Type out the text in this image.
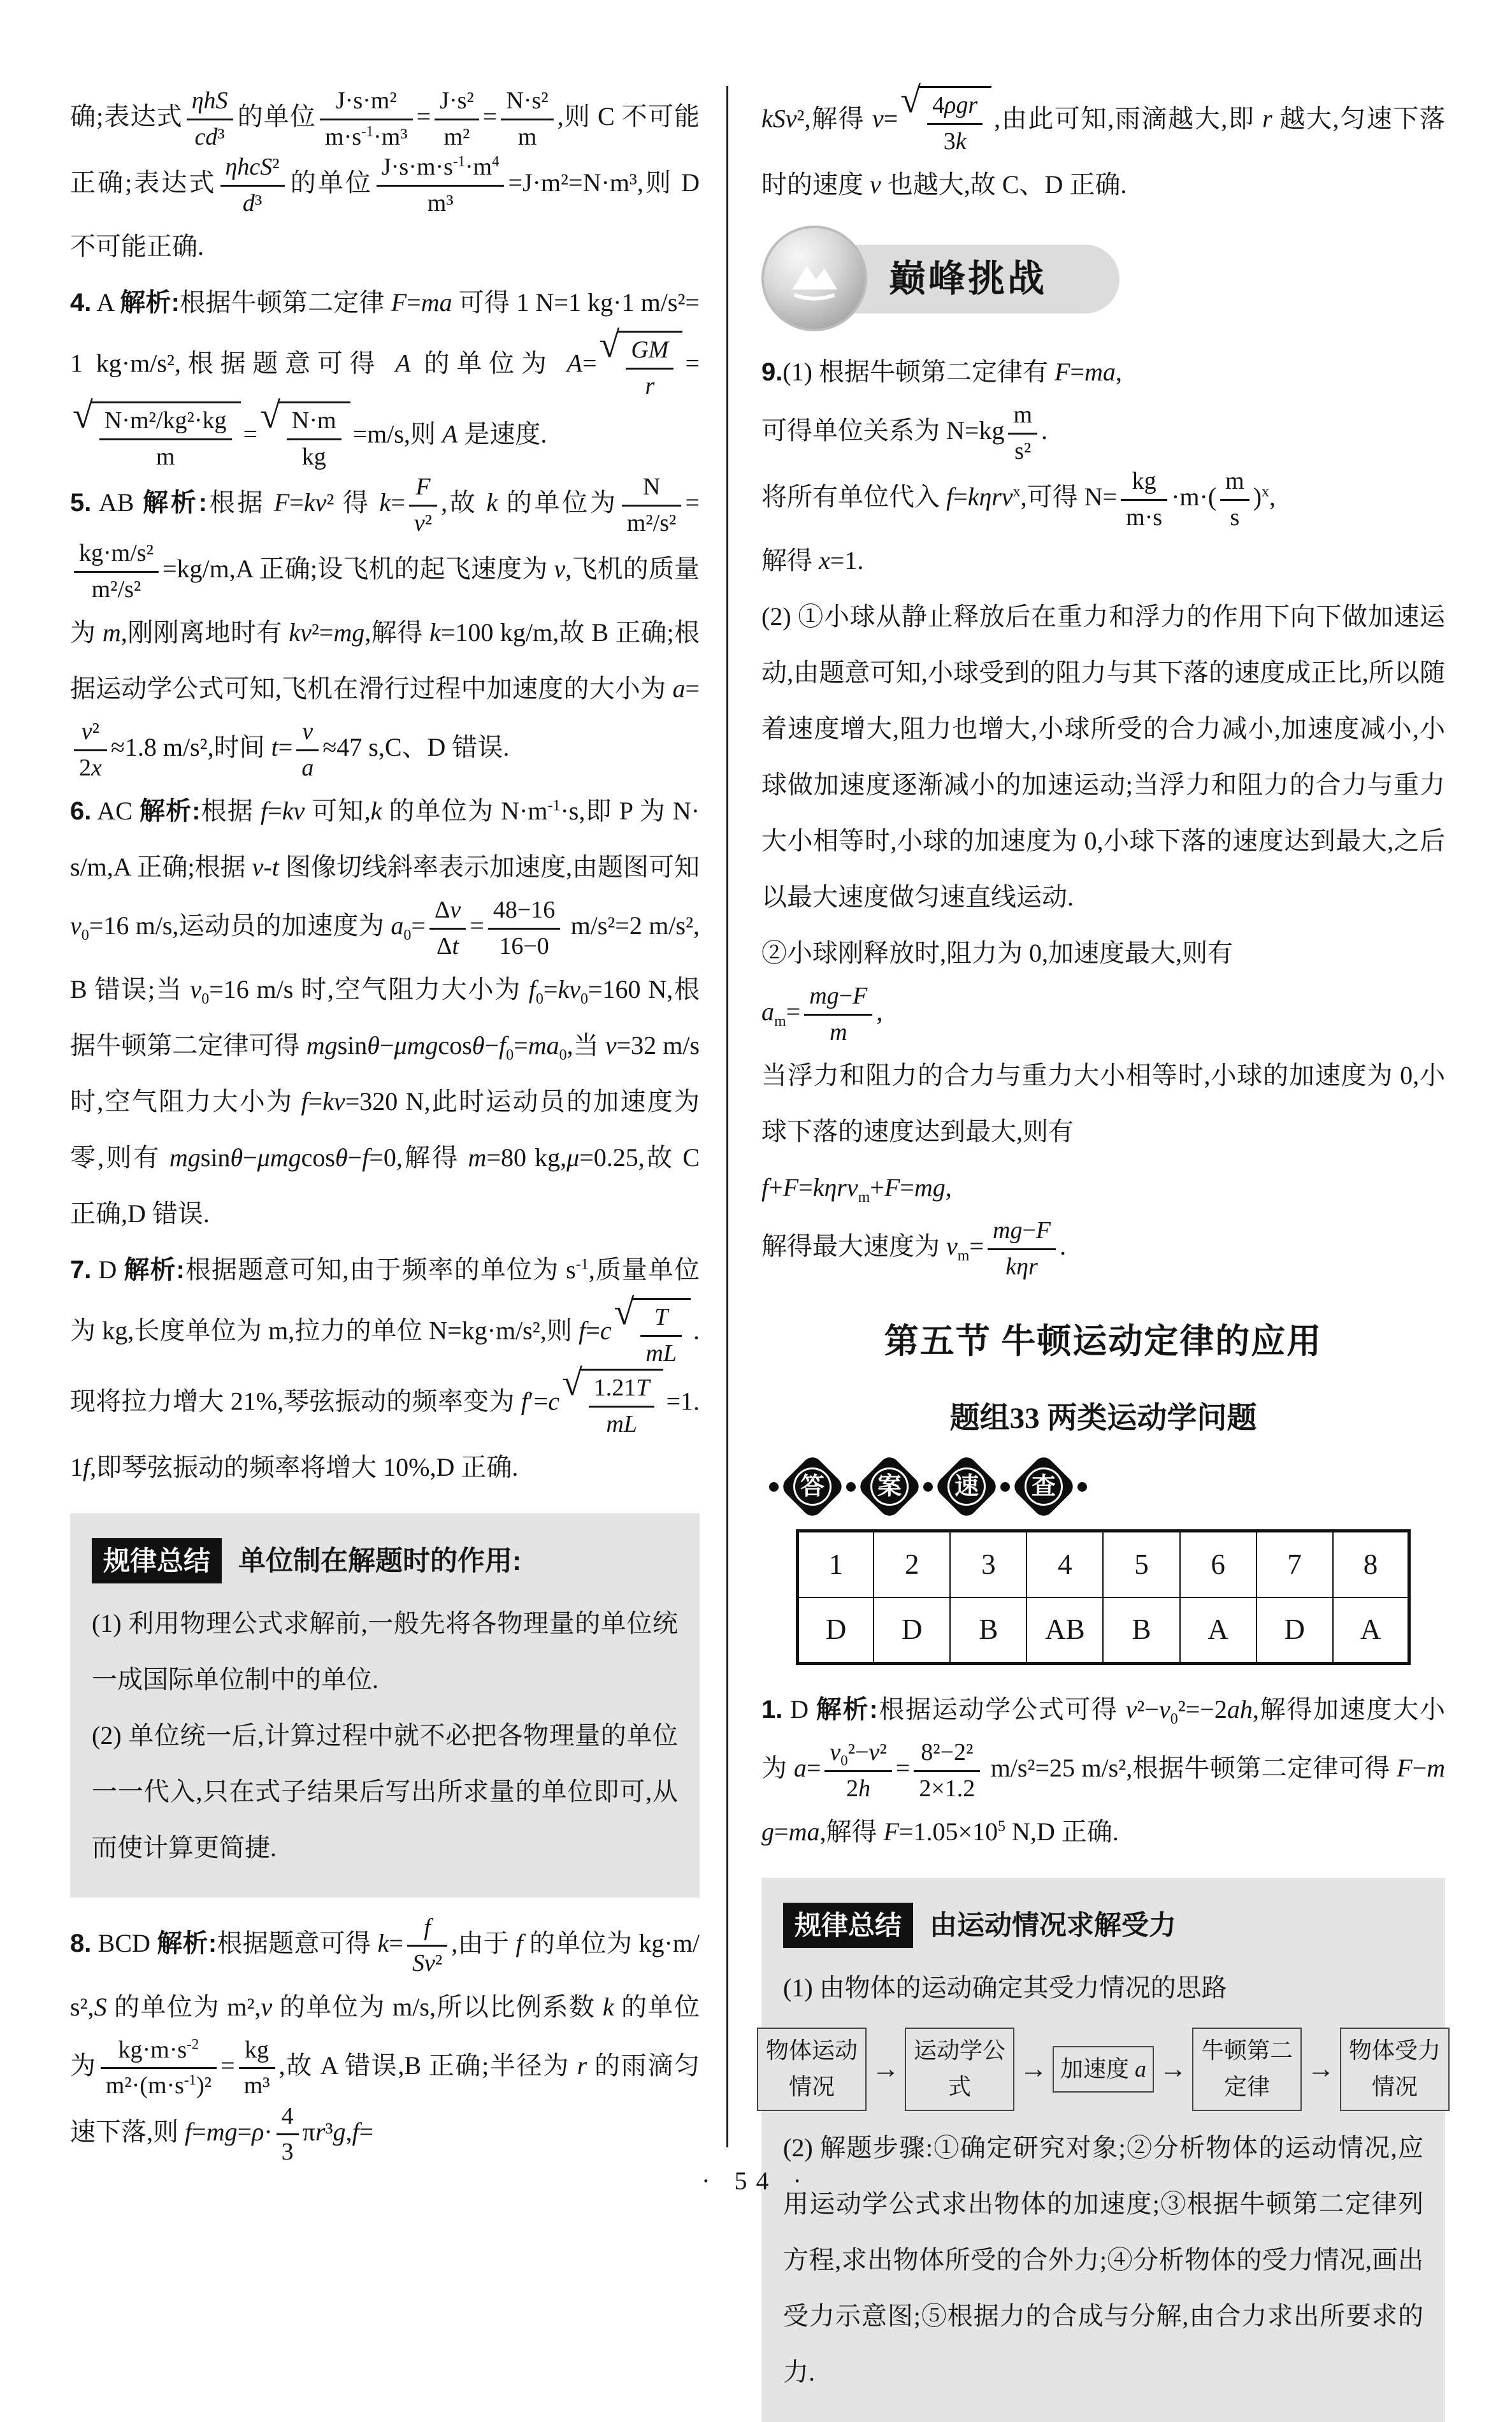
确;表达式 $\frac{\text{ηhS}}{\text{cd³}}$ 的单位 $\frac{\text{J·s·m²}}{m\cdot s^{-1}\cdot m^3} = \frac{\text{J·s²}}{\text{m²}} = \frac{\text{N·s²}}{m}$ ,则 C 不可能正确;表达式 $\frac{\text{ηhcS²}}{\text{d³}}$ 的单位 $\frac{J\cdot s\cdot m\cdot s^{-1}\cdot m^4}{\text{m³}} =J\cdot m^2=N\cdot m^3$,则 D 不可能正确.
4. A 解析:根据牛顿第二定律 F=ma 可得 1 N=1 kg·1 m/s²=1 kg·m/s²,根据题意可得 A 的单位为 A= √ $\frac{GM}{r}$ =
√ $\frac{\text{N·m²/kg²·kg}}{m}$ = √ $\frac{N\cdot m}{kg} =m/s$,则 A 是速度.
5. AB 解析:根据 F=kv² 得 $k= \frac{F}{\text{v²}}$ ,故 k 的单位为 $\frac{N}{\text{m²/s²}}$ =
$\frac{\text{kg·m/s²}}{\text{m²/s²}} =kg/m,A$ 正确;设飞机的起飞速度为 v,飞机的质量为 m,刚刚离地时有 kv²=mg,解得 k=100 kg/m,故 B 正确;根据运动学公式可知,飞机在滑行过程中加速度的大小为 a=
$\frac{\text{v²}}{2x} \approx 1.8$ m/s²,时间 $t= \frac{v}{a} \approx 47$ s,C、D 错误.
6. AC 解析:根据 f=kv 可知,k 的单位为 $N\cdot m^{-1}\cdot s$,即 P 为 N·s/m,A 正确;根据 v-t 图像切线斜率表示加速度,由题图可知 $v_0=16$ m/s,运动员的加速度为 $a_0= \frac{\Delta v}{\Delta t} = \frac{48-16}{16-0} m/s^2=2$ m/s²,B 错误;当 $v_0=16$ m/s 时,空气阻力大小为 $f_0=kv_0=160$ N,根据牛顿第二定律可得 $mgsin\theta-\mu mgcos\theta-f_0=ma_0$,当 v=32 m/s 时,空气阻力大小为 f=kv=320 N,此时运动员的加速度为零,则有 mgsinθ−μmgcosθ−f=0,解得 m=80 kg,μ=0.25,故 C 正确,D 错误.
7. D 解析:根据题意可知,由于频率的单位为 $s^{-1}$,质量单位为 kg,长度单位为 m,拉力的单位 N=kg·m/s²,则 f=c √ $\frac{T}{mL}$ . 现将拉力增大 21%,琴弦振动的频率变为 f′=c √ $\frac{1.21T}{mL} =1.1f$,即琴弦振动的频率将增大 10%,D 正确.
规律总结 单位制在解题时的作用:
(1) 利用物理公式求解前,一般先将各物理量的单位统一成国际单位制中的单位.
(2) 单位统一后,计算过程中就不必把各物理量的单位一一代入,只在式子结果后写出所求量的单位即可,从而使计算更简捷.
8. BCD 解析:根据题意可得 $k= \frac{f}{\text{Sv²}}$ ,由于 f 的单位为 kg·m/s²,S 的单位为 m²,v 的单位为 m/s,所以比例系数 k 的单位为 $\frac{kg\cdot m\cdot s^{-2}}{m^2\cdot(m\cdot s^{-1})^2} = \frac{kg}{\text{m³}}$ ,故 A 错误,B 正确;半径为 r 的雨滴匀速下落,则 $f=mg=\rho\cdot \frac{4}{3} \pi r^3g,f=$
kSv²,解得 v= √ $\frac{\text{4ρgr}}{3k}$ ,由此可知,雨滴越大,即 r 越大,匀速下落时的速度 v 也越大,故 C、D 正确.
巅峰挑战
9.(1) 根据牛顿第二定律有 F=ma,
可得单位关系为 $N=kg \frac{m}{\text{s²}}$ .
将所有单位代入 f=kηrv$^x$,可得 $N= \frac{kg}{m\cdot s} \cdot m\cdot( \frac{m}{s} )^x$,
解得 x=1.
(2) ①小球从静止释放后在重力和浮力的作用下向下做加速运动,由题意可知,小球受到的阻力与其下落的速度成正比,所以随着速度增大,阻力也增大,小球所受的合力减小,加速度减小,小球做加速度逐渐减小的加速运动;当浮力和阻力的合力与重力大小相等时,小球的加速度为 0,小球下落的速度达到最大,之后以最大速度做匀速直线运动.
②小球刚释放时,阻力为 0,加速度最大,则有
$a_m= \frac{mg-F}{m}$ ,
当浮力和阻力的合力与重力大小相等时,小球的加速度为 0,小球下落的速度达到最大,则有
f+F=kηrv$_m$+F=mg,
解得最大速度为 $v_m= \frac{mg-F}{\text{kηr}}$ .
第五节 牛顿运动定律的应用
题组33 两类运动学问题
答 案 速 查
1	2	3	4	5	6	7	8
D	D	B	AB	B	A	D	A
1. D 解析:根据运动学公式可得 $v^2-v_0^2=-2ah$,解得加速度大小为 $a= \frac{v_0^2-v^2}{2h} = \frac{\text{8²−2²}}{2\times 1.2} m/s^2=25$ m/s²,根据牛顿第二定律可得 F−mg=ma,解得 $F=1.05\times 10^5$ N,D 正确.
规律总结 由运动情况求解受力
(1) 由物体的运动确定其受力情况的思路
物体运动情况
→
运动学公式
→ 加速度 a →
牛顿第二定律
→
物体受力情况
(2) 解题步骤:①确定研究对象;②分析物体的运动情况,应用运动学公式求出物体的加速度;③根据牛顿第二定律列方程,求出物体所受的合外力;④分析物体的受力情况,画出受力示意图;⑤根据力的合成与分解,由合力求出所要求的力.
· 54 ·
